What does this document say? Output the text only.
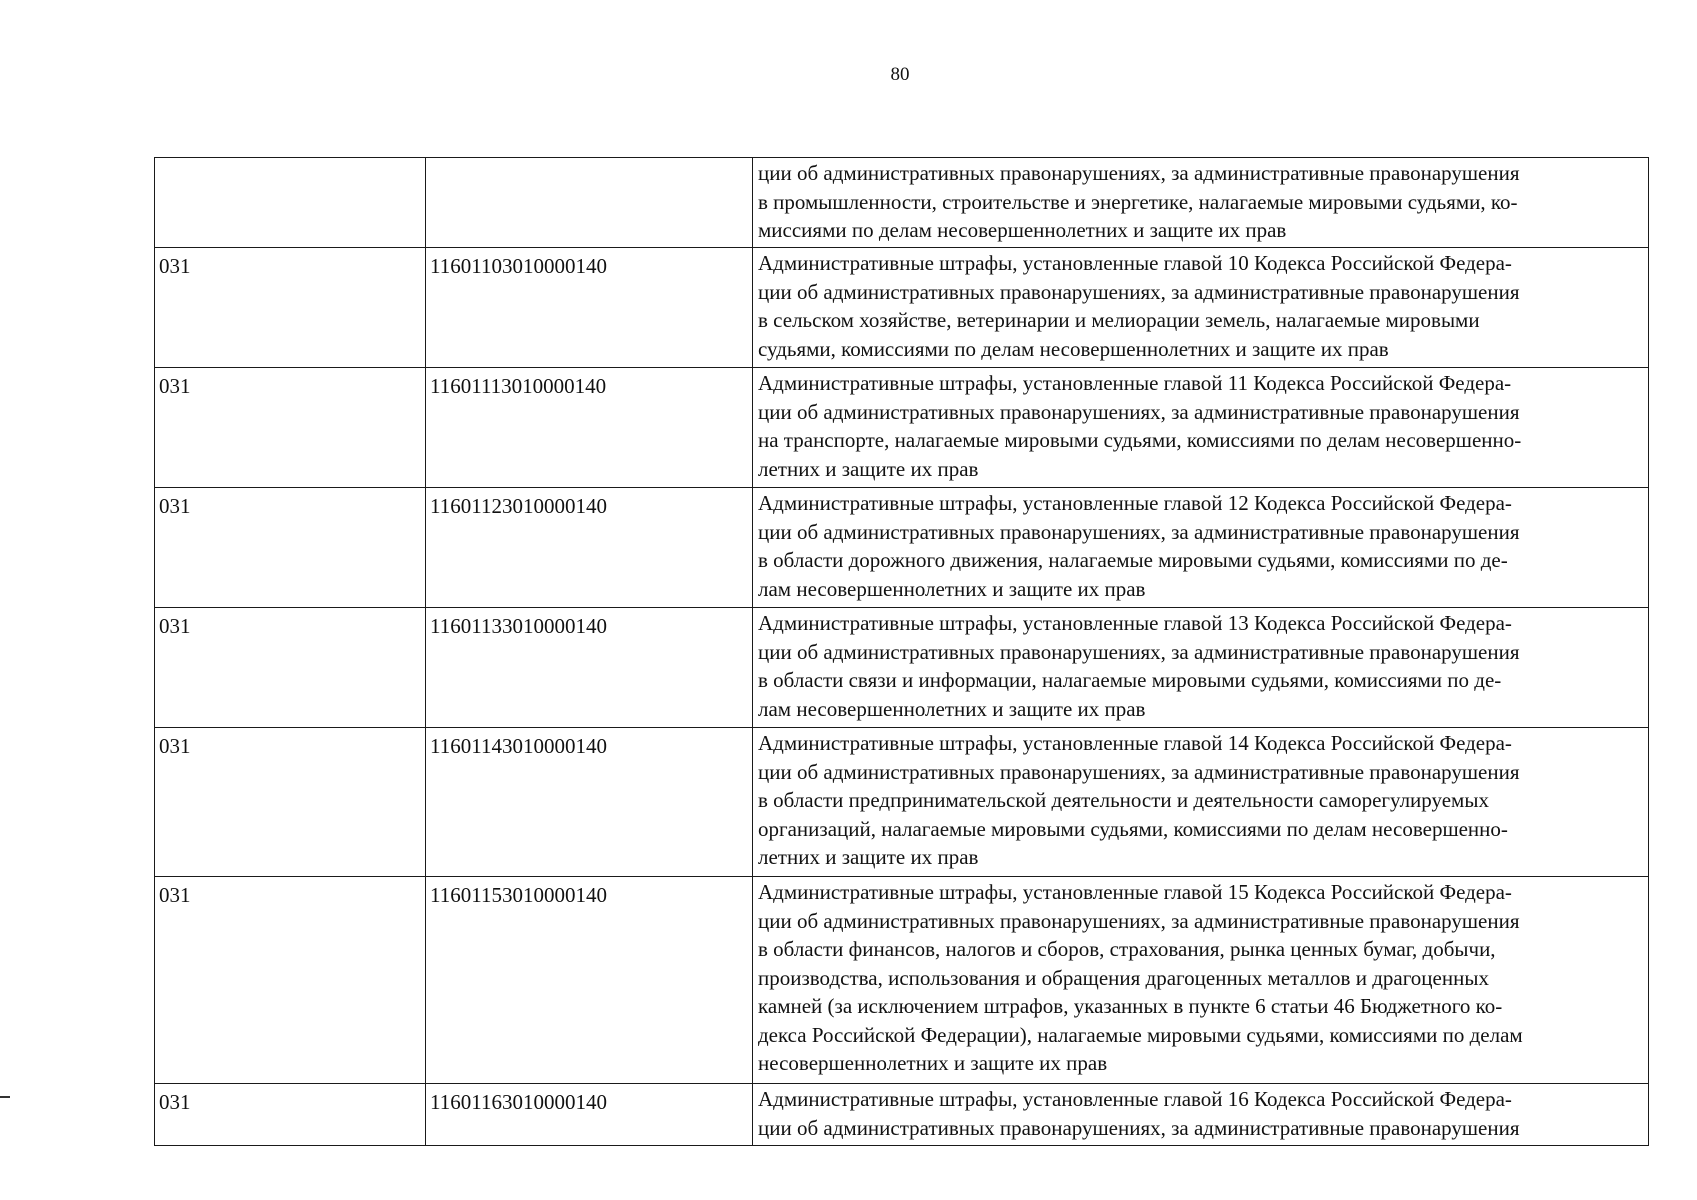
80
ции об административных правонарушениях, за административные правонарушения
в промышленности, строительстве и энергетике, налагаемые мировыми судьями, ко-
миссиями по делам несовершеннолетних и защите их прав
031	11601103010000140	Административные штрафы, установленные главой 10 Кодекса Российской Федера-
ции об административных правонарушениях, за административные правонарушения
в сельском хозяйстве, ветеринарии и мелиорации земель, налагаемые мировыми
судьями, комиссиями по делам несовершеннолетних и защите их прав
031	11601113010000140	Административные штрафы, установленные главой 11 Кодекса Российской Федера-
ции об административных правонарушениях, за административные правонарушения
на транспорте, налагаемые мировыми судьями, комиссиями по делам несовершенно-
летних и защите их прав
031	11601123010000140	Административные штрафы, установленные главой 12 Кодекса Российской Федера-
ции об административных правонарушениях, за административные правонарушения
в области дорожного движения, налагаемые мировыми судьями, комиссиями по де-
лам несовершеннолетних и защите их прав
031	11601133010000140	Административные штрафы, установленные главой 13 Кодекса Российской Федера-
ции об административных правонарушениях, за административные правонарушения
в области связи и информации, налагаемые мировыми судьями, комиссиями по де-
лам несовершеннолетних и защите их прав
031	11601143010000140	Административные штрафы, установленные главой 14 Кодекса Российской Федера-
ции об административных правонарушениях, за административные правонарушения
в области предпринимательской деятельности и деятельности саморегулируемых
организаций, налагаемые мировыми судьями, комиссиями по делам несовершенно-
летних и защите их прав
031	11601153010000140	Административные штрафы, установленные главой 15 Кодекса Российской Федера-
ции об административных правонарушениях, за административные правонарушения
в области финансов, налогов и сборов, страхования, рынка ценных бумаг, добычи,
производства, использования и обращения драгоценных металлов и драгоценных
камней (за исключением штрафов, указанных в пункте 6 статьи 46 Бюджетного ко-
декса Российской Федерации), налагаемые мировыми судьями, комиссиями по делам
несовершеннолетних и защите их прав
031	11601163010000140	Административные штрафы, установленные главой 16 Кодекса Российской Федера-
ции об административных правонарушениях, за административные правонарушения
